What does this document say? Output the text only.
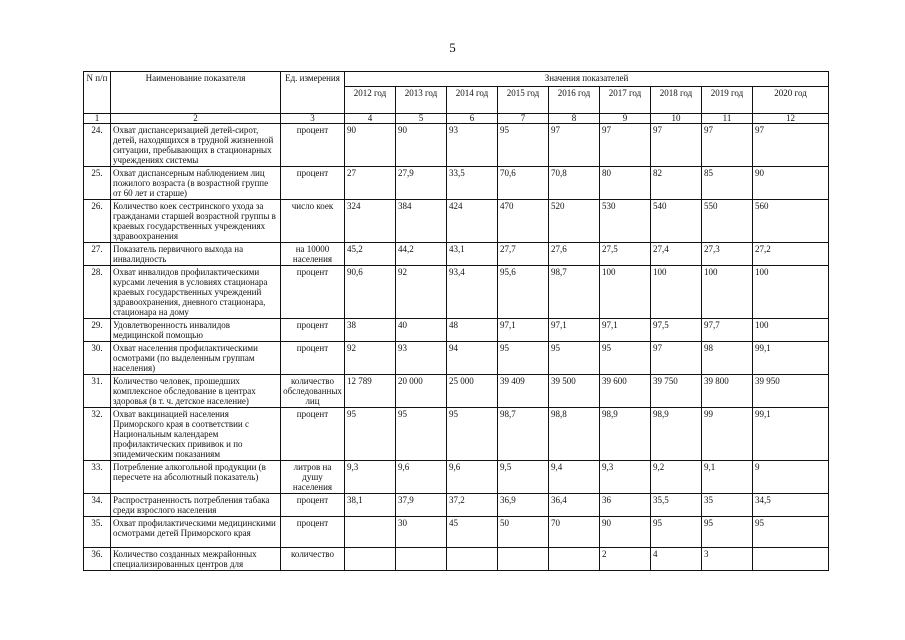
5
N п/п	Наименование показателя	Ед. измерения	Значения показателей								
			2012 год	2013 год	2014 год	2015 год	2016 год	2017 год	2018 год	2019 год	2020 год
1	2	3	4	5	6	7	8	9	10	11	12
24.	Охват диспансеризацией детей-сирот, детей, находящихся в трудной жизненной ситуации, пребывающих в стационарных учреждениях системы	процент	90	90	93	95	97	97	97	97	97
25.	Охват диспансерным наблюдением лиц пожилого возраста (в возрастной группе от 60 лет и старше)	процент	27	27,9	33,5	70,6	70,8	80	82	85	90
26.	Количество коек сестринского ухода за гражданами старшей возрастной группы в краевых государственных учреждениях здравоохранения	число коек	324	384	424	470	520	530	540	550	560
27.	Показатель первичного выхода на инвалидность	на 10000 населения	45,2	44,2	43,1	27,7	27,6	27,5	27,4	27,3	27,2
28.	Охват инвалидов профилактическими курсами лечения в условиях стационара краевых государственных учреждений здравоохранения, дневного стационара, стационара на дому	процент	90,6	92	93,4	95,6	98,7	100	100	100	100
29.	Удовлетворенность инвалидов медицинской помощью	процент	38	40	48	97,1	97,1	97,1	97,5	97,7	100
30.	Охват населения профилактическими осмотрами (по выделенным группам населения)	процент	92	93	94	95	95	95	97	98	99,1
31.	Количество человек, прошедших комплексное обследование в центрах здоровья (в т. ч. детское население)	количество обследованных лиц	12 789	20 000	25 000	39 409	39 500	39 600	39 750	39 800	39 950
32.	Охват вакцинацией населения Приморского края в соответствии с Национальным календарем профилактических прививок и по эпидемическим показаниям	процент	95	95	95	98,7	98,8	98,9	98,9	99	99,1
33.	Потребление алкогольной продукции (в пересчете на абсолютный показатель)	литров на душу населения	9,3	9,6	9,6	9,5	9,4	9,3	9,2	9,1	9
34.	Распространенность потребления табака среди взрослого населения	процент	38,1	37,9	37,2	36,9	36,4	36	35,5	35	34,5
35.	Охват профилактическими медицинскими осмотрами детей Приморского края	процент		30	45	50	70	90	95	95	95
36.	Количество созданных межрайонных специализированных центров для	количество						2	4	3	
